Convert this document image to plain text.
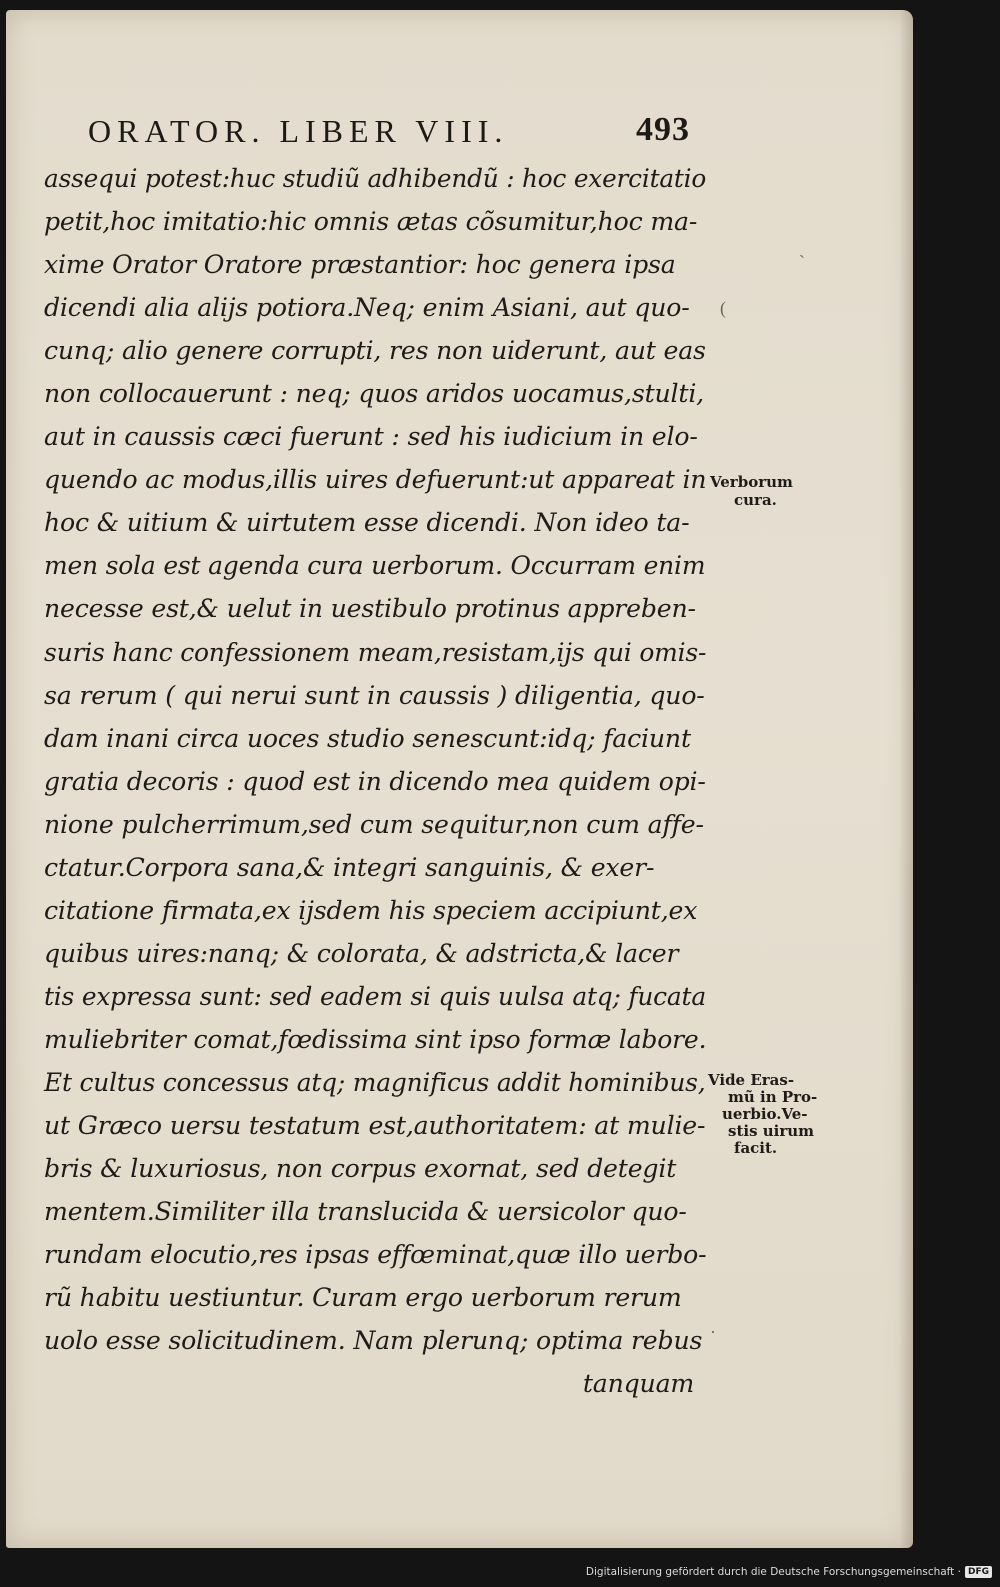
ORATOR. LIBER VIII.	493
assequi potest:huc studiũ adhibendũ : hoc exercitatio
petit,hoc imitatio:hic omnis ætas cõsumitur,hoc ma-
xime Orator Oratore præstantior: hoc genera ipsa
dicendi alia alijs potiora.Neq; enim Asiani, aut quo-
cunq; alio genere corrupti, res non uiderunt, aut eas
non collocauerunt : neq; quos aridos uocamus,stulti,
aut in caussis cæci fuerunt : sed his iudicium in elo-
quendo ac modus,illis uires defuerunt:ut appareat in
hoc & uitium & uirtutem esse dicendi. Non ideo ta-
men sola est agenda cura uerborum. Occurram enim
necesse est,& uelut in uestibulo protinus appreben-
suris hanc confessionem meam,resistam,ijs qui omis-
sa rerum ( qui nerui sunt in caussis ) diligentia, quo-
dam inani circa uoces studio senescunt:idq; faciunt
gratia decoris : quod est in dicendo mea quidem opi-
nione pulcherrimum,sed cum sequitur,non cum affe-
ctatur.Corpora sana,& integri sanguinis, & exer-
citatione firmata,ex ijsdem his speciem accipiunt,ex
quibus uires:nanq; & colorata, & adstricta,& lacer
tis expressa sunt: sed eadem si quis uulsa atq; fucata
muliebriter comat,fœdissima sint ipso formæ labore.
Et cultus concessus atq; magnificus addit hominibus,
ut Græco uersu testatum est,authoritatem: at mulie-
bris & luxuriosus, non corpus exornat, sed detegit
mentem.Similiter illa translucida & uersicolor quo-
rundam elocutio,res ipsas effœminat,quæ illo uerbo-
rũ habitu uestiuntur. Curam ergo uerborum rerum
uolo esse solicitudinem. Nam plerunq; optima rebus
tanquam
Verborum
cura.
Vide Eras-
mũ in Pro-
uerbio.Ve-
stis uirum
facit.
ˎ
(
·
Digitalisierung gefördert durch die Deutsche Forschungsgemeinschaft · DFG
